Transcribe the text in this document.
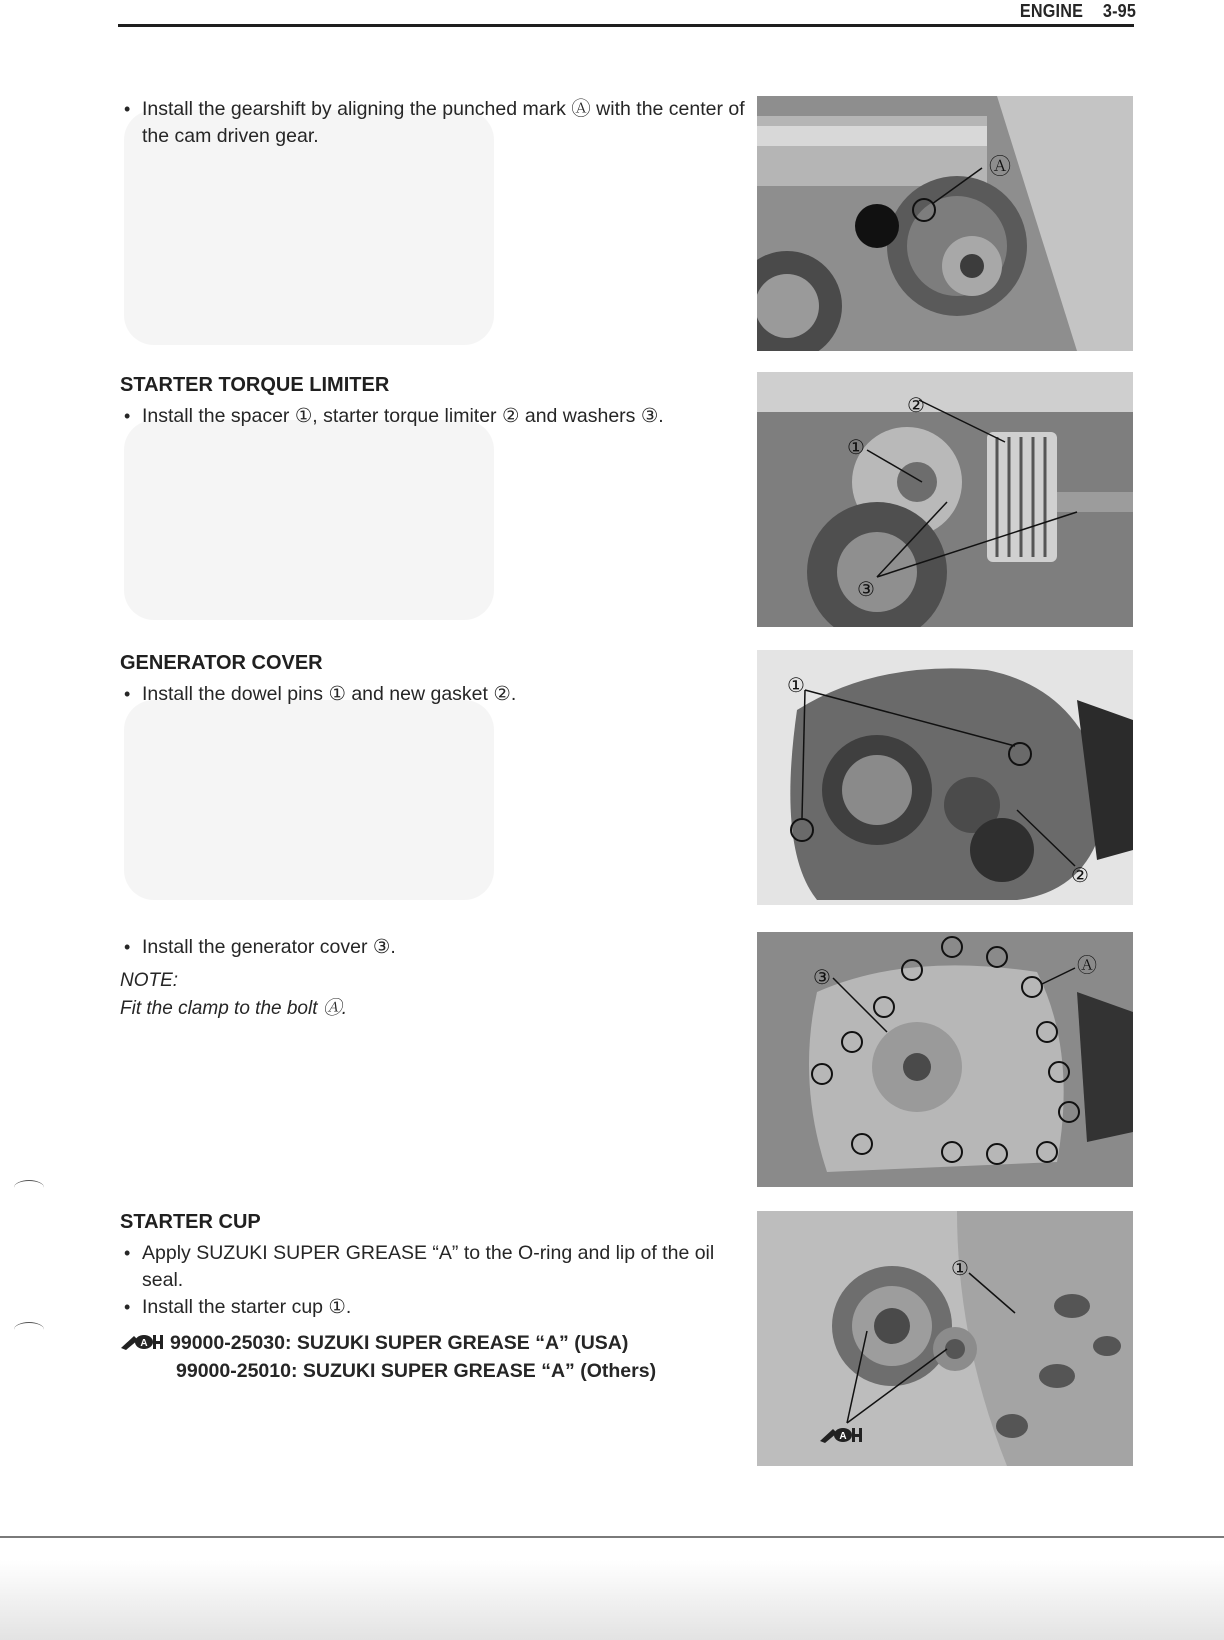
ENGINE 3-95
• Install the gearshift by aligning the punched mark Ⓐ with the center of the cam driven gear.
STARTER TORQUE LIMITER
• Install the spacer ①, starter torque limiter ② and washers ③.
GENERATOR COVER
• Install the dowel pins ① and new gasket ②.
• Install the generator cover ③.
NOTE:
Fit the clamp to the bolt Ⓐ.
STARTER CUP
• Apply SUZUKI SUPER GREASE “A” to the O-ring and lip of the oil seal.
• Install the starter cup ①.
A 99000-25030: SUZUKI SUPER GREASE “A” (USA)
99000-25010: SUZUKI SUPER GREASE “A” (Others)
Ⓐ
②
①
③
①
②
③	Ⓐ
①
A
